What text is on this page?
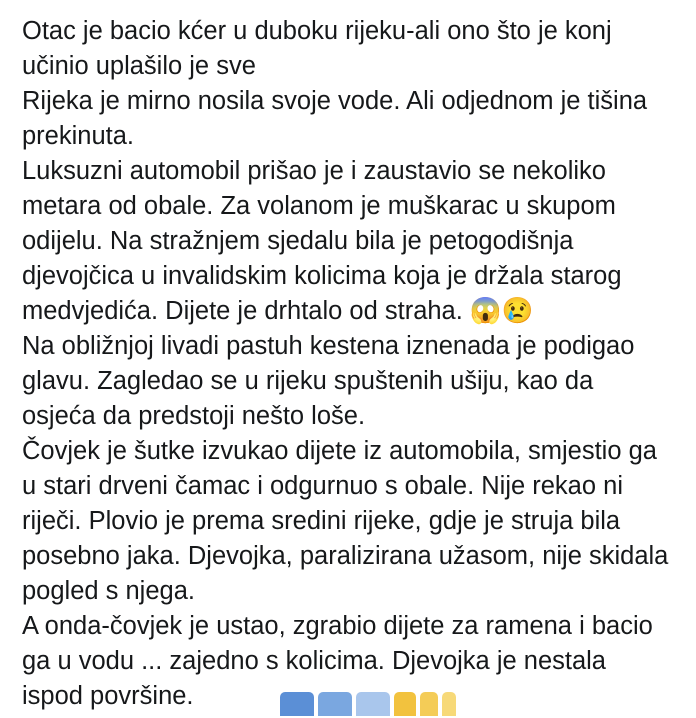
Otac je bacio kćer u duboku rijeku-ali ono što je konj učinio uplašilo je sve

Rijeka je mirno nosila svoje vode. Ali odjednom je tišina prekinuta.

Luksuzni automobil prišao je i zaustavio se nekoliko metara od obale. Za volanom je muškarac u skupom odijelu. Na stražnjem sjedalu bila je petogodišnja djevojčica u invalidskim kolicima koja je držala starog medvjedića. Dijete je drhtalo od straha. 😱😢

Na obližnjoj livadi pastuh kestena iznenada je podigao glavu. Zagledao se u rijeku spuštenih ušiju, kao da osjeća da predstoji nešto loše.

Čovjek je šutke izvukao dijete iz automobila, smjestio ga u stari drveni čamac i odgurnuo s obale. Nije rekao ni riječi. Plovio je prema sredini rijeke, gdje je struja bila posebno jaka. Djevojka, paralizirana užasom, nije skidala pogled s njega.

A onda-čovjek je ustao, zgrabio dijete za ramena i bacio ga u vodu ... zajedno s kolicima. Djevojka je nestala ispod površine.
